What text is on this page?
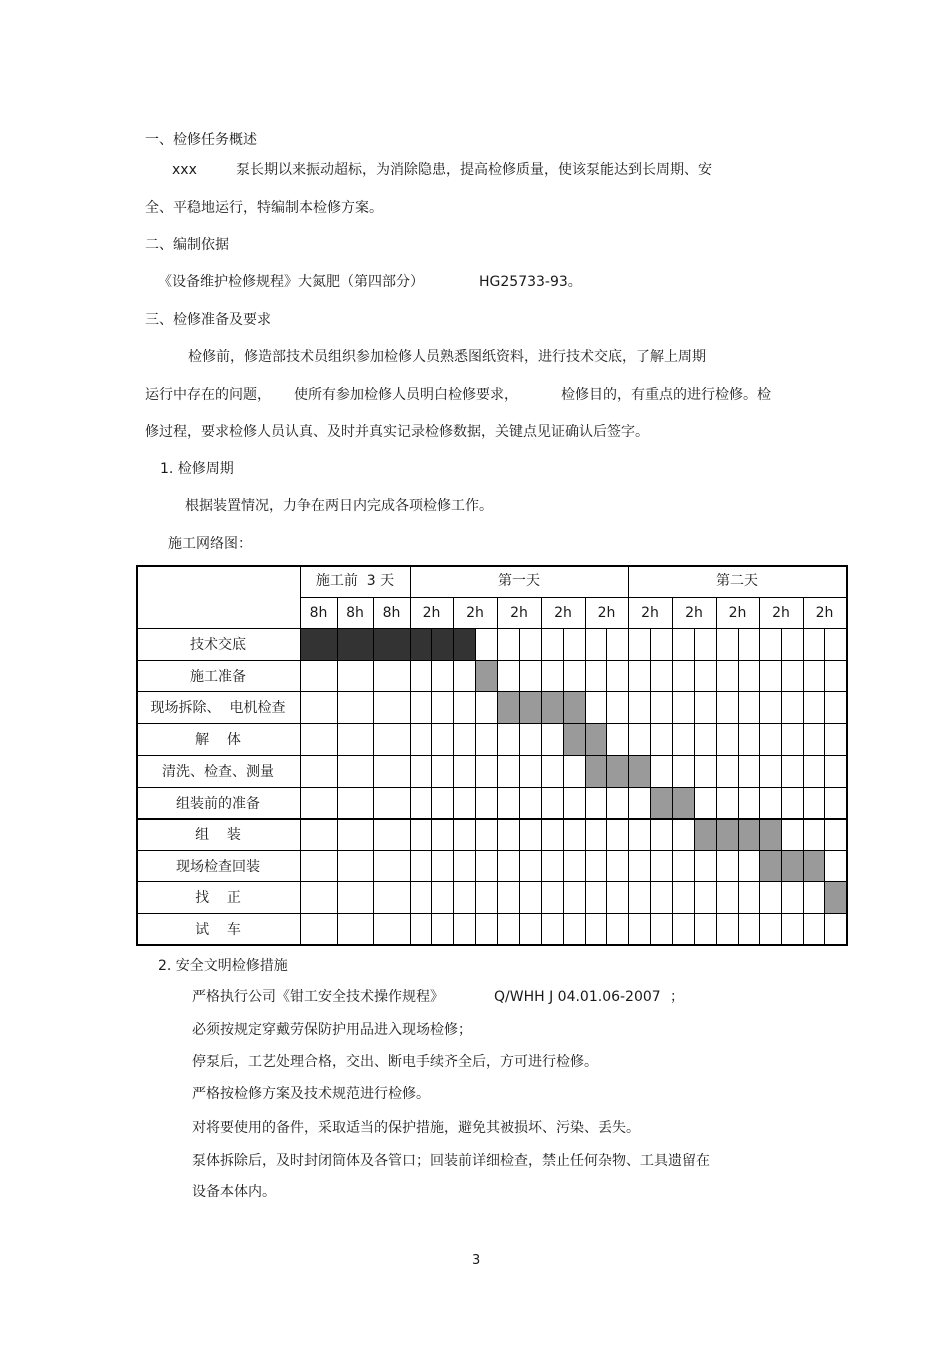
一、检修任务概述
xxx	泵长期以来振动超标，为消除隐患，提高检修质量，使该泵能达到长周期、安
全、平稳地运行，特编制本检修方案。
二、编制依据
《设备维护检修规程》大氮肥（第四部分）	HG25733-93。
三、检修准备及要求
检修前，修造部技术员组织参加检修人员熟悉图纸资料，进行技术交底，了解上周期
运行中存在的问题， 使所有参加检修人员明白检修要求，	检修目的，有重点的进行检修。检
修过程，要求检修人员认真、及时并真实记录检修数据，关键点见证确认后签字。
1. 检修周期
根据装置情况，力争在两日内完成各项检修工作。
施工网络图：
施工前  3 天	第一天	第二天
8h	8h	8h	2h	2h	2h	2h	2h	2h	2h	2h	2h	2h
技术交底
施工准备
现场拆除、  电机检查
解    体
清洗、检查、测量
组装前的准备
组    装
现场检查回装
找    正
试    车
2. 安全文明检修措施
严格执行公司《钳工安全技术操作规程》	Q/WHH J 04.01.06-2007 ；
必须按规定穿戴劳保防护用品进入现场检修；
停泵后，工艺处理合格，交出、断电手续齐全后，方可进行检修。
严格按检修方案及技术规范进行检修。
对将要使用的备件，采取适当的保护措施，避免其被损坏、污染、丢失。
泵体拆除后，及时封闭筒体及各管口；回装前详细检查，禁止任何杂物、工具遗留在
设备本体内。
3
